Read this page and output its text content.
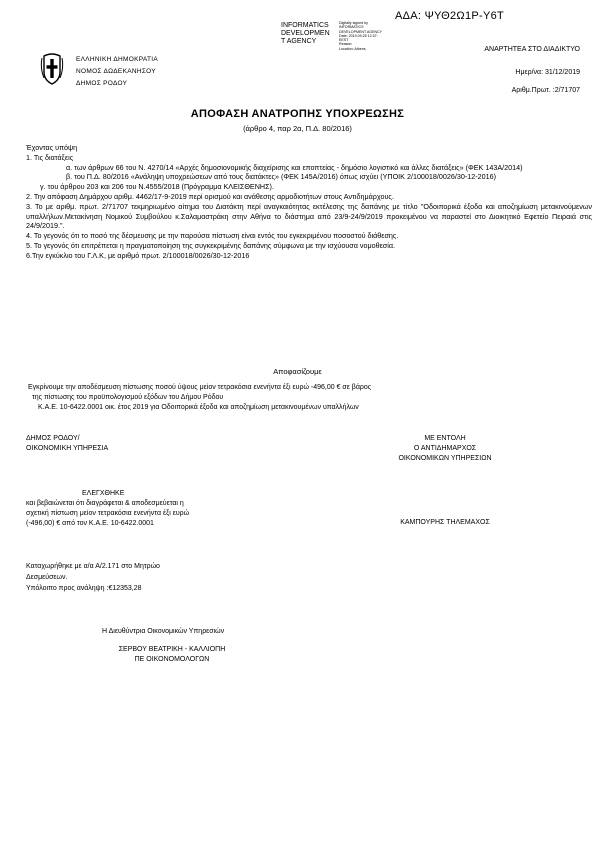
ΑΔΑ: ΨΥΘ2Ω1Ρ-Υ6Τ
INFORMATICS
DEVELOPMEN
T AGENCY
Digitally signed by
INFORMATICS
DEVELOPMENT AGENCY
Date: 2019.09.25 12:37:
EEST
Reason:
Location: Athens
ΕΛΛΗΝΙΚΗ ΔΗΜΟΚΡΑΤΙΑ
ΝΟΜΟΣ ΔΩΔΕΚΑΝΗΣΟΥ
ΔΗΜΟΣ ΡΟΔΟΥ
ΑΝΑΡΤΗΤΕΑ ΣΤΟ ΔΙΑΔΙΚΤΥΟ
Ημερ/να: 31/12/2019
Αριθμ.Πρωτ. :2/71707
ΑΠΟΦΑΣΗ ΑΝΑΤΡΟΠΗΣ ΥΠΟΧΡΕΩΣΗΣ
(άρθρο 4, παρ 2α, Π.Δ. 80/2016)

Έχοντας υπόψη

1. Τις διατάξεις

α. των άρθρων 66 του Ν. 4270/14 «Αρχές δημοσιονομικής διαχείρισης και εποπτείας - δημόσιο λογιστικό και άλλες διατάξεις» (ΦΕΚ 143Α/2014)

β. του Π.Δ. 80/2016 «Ανάληψη υποχρεώσεων από τους διατάκτες» (ΦΕΚ 145Α/2016) όπως ισχύει (ΥΠΟΙΚ 2/100018/0026/30-12-2016)

γ. του άρθρου 203 και 206 του Ν.4555/2018 (Πρόγραμμα ΚΛΕΙΣΘΕΝΗΣ).

2. Την απόφαση Δημάρχου αριθμ. 4462/17-9-2019 περί ορισμού και ανάθεσης αρμοδιοτήτων στους Αντιδημάρχους.

3. Το με αριθμ. πρωτ. 2/71707 τεκμηριωμένο αίτημα του Διατάκτη περί αναγκαιότητας εκτέλεσης της δαπάνης με τίτλο "Οδοιπορικά έξοδα και αποζημίωση μετακινούμενων υπαλλήλων.Μετακίνηση Νομικού Συμβούλου κ.Σαλαμαστράκη στην Αθήνα το διάστημα από 23/9-24/9/2019 προκειμένου να παραστεί στο Διοικητικό Εφετείο Πειραιά στις 24/9/2019.".

4. Το γεγονός ότι το ποσό της δέσμευσης με την παρούσα πίστωση είναι εντός του εγκεκριμένου ποσοστού διάθεσης.

5. Το γεγονός ότι επιτρέπεται η πραγματοποίηση της συγκεκριμένης δαπάνης σύμφωνα με την ισχύουσα νομοθεσία.

6.Την εγκύκλιο του Γ.Λ.Κ, με αριθμό πρωτ. 2/100018/0026/30-12-2016

Αποφασίζουμε
Εγκρίνουμε την αποδέσμευση πίστωσης ποσού ύψους μείον τετρακόσια ενενήντα έξι ευρώ -496,00 € σε βάρος
της πίστωσης του προϋπολογισμού εξόδων του Δήμου Ρόδου
Κ.Α.Ε. 10-6422.0001 οικ. έτος 2019 για Οδοιπορικά έξοδα και αποζημίωση μετακινουμένων υπαλλήλων
ΔΗΜΟΣ ΡΟΔΟΥ/
ΟΙΚΟΝΟΜΙΚΗ ΥΠΗΡΕΣΙΑ
ΜΕ ΕΝΤΟΛΗ
Ο ΑΝΤΙΔΗΜΑΡΧΟΣ
ΟΙΚΟΝΟΜΙΚΩΝ ΥΠΗΡΕΣΙΩΝ
ΕΛΕΓΧΘΗΚΕ
και βεβαιώνεται ότι διαγράφεται & αποδεσμεύεται η
σχετική πίστωση μείον τετρακόσια ενενήντα έξι ευρώ
(-496,00) € από τον Κ.Α.Ε. 10-6422.0001	ΚΑΜΠΟΥΡΗΣ ΤΗΛΕΜΑΧΟΣ
Καταχωρήθηκε με α/α Α/2.171 στο Μητρώο
Δεσμεύσεων.
Υπόλοιπο προς ανάληψη :€12353,28
Η Διευθύντρια Οικονομικών Υπηρεσιών
ΣΕΡΒΟΥ ΒΕΑΤΡΙΚΗ - ΚΑΛΛΙΟΠΗ
ΠΕ ΟΙΚΟΝΟΜΟΛΟΓΩΝ
